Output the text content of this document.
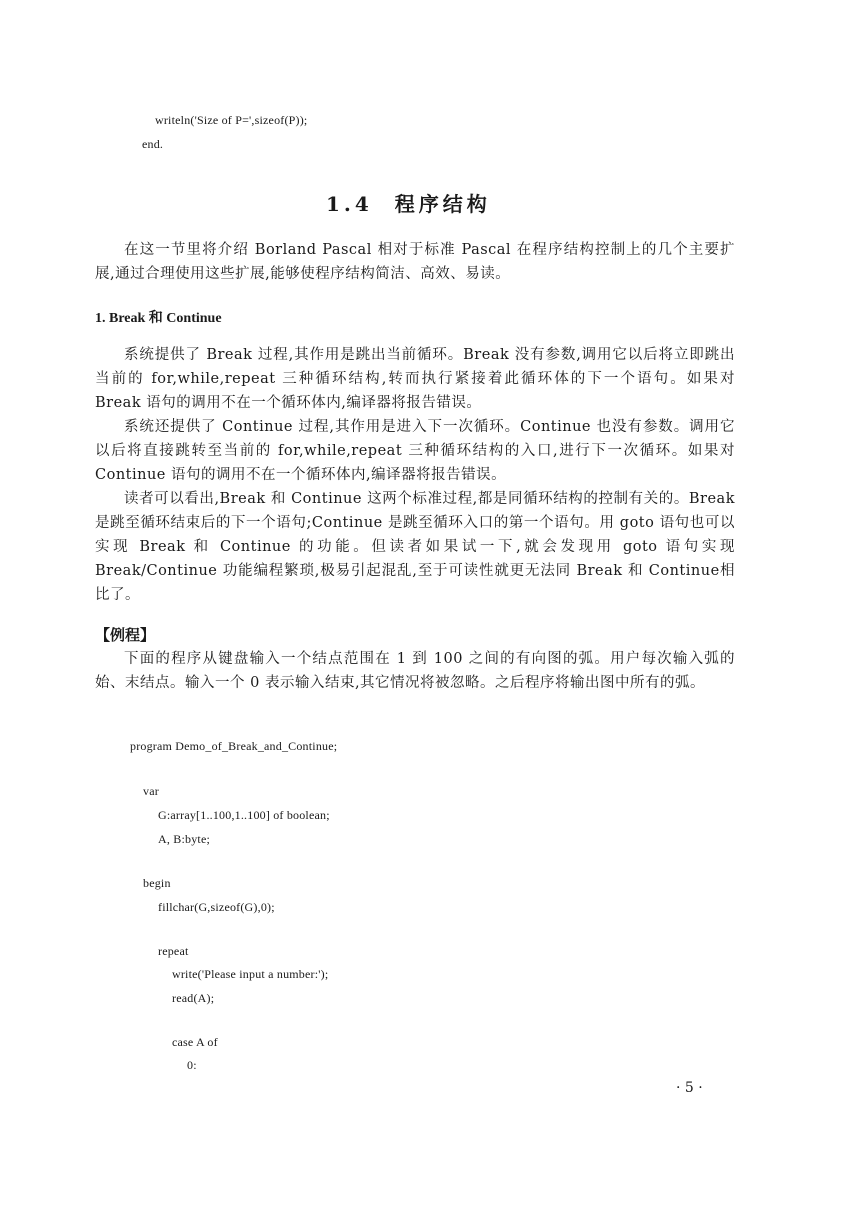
writeln('Size of P=',sizeof(P));
end.
1.4 程序结构

在这一节里将介绍 Borland Pascal 相对于标准 Pascal 在程序结构控制上的几个主要扩展,通过合理使用这些扩展,能够使程序结构简洁、高效、易读。

1. Break 和 Continue

系统提供了 Break 过程,其作用是跳出当前循环。Break 没有参数,调用它以后将立即跳出当前的 for,while,repeat 三种循环结构,转而执行紧接着此循环体的下一个语句。如果对 Break 语句的调用不在一个循环体内,编译器将报告错误。

系统还提供了 Continue 过程,其作用是进入下一次循环。Continue 也没有参数。调用它以后将直接跳转至当前的 for,while,repeat 三种循环结构的入口,进行下一次循环。如果对 Continue 语句的调用不在一个循环体内,编译器将报告错误。

读者可以看出,Break 和 Continue 这两个标准过程,都是同循环结构的控制有关的。Break 是跳至循环结束后的下一个语句;Continue 是跳至循环入口的第一个语句。用 goto 语句也可以实现 Break 和 Continue 的功能。但读者如果试一下,就会发现用 goto 语句实现 Break/Continue 功能编程繁琐,极易引起混乱,至于可读性就更无法同 Break 和 Continue相比了。

【例程】

下面的程序从键盘输入一个结点范围在 1 到 100 之间的有向图的弧。用户每次输入弧的始、末结点。输入一个 0 表示输入结束,其它情况将被忽略。之后程序将输出图中所有的弧。

program Demo_of_Break_and_Continue;
var
G:array[1..100,1..100] of boolean;
A, B:byte;
begin
fillchar(G,sizeof(G),0);
repeat
write('Please input a number:');
read(A);
case A of
0:
· 5 ·
